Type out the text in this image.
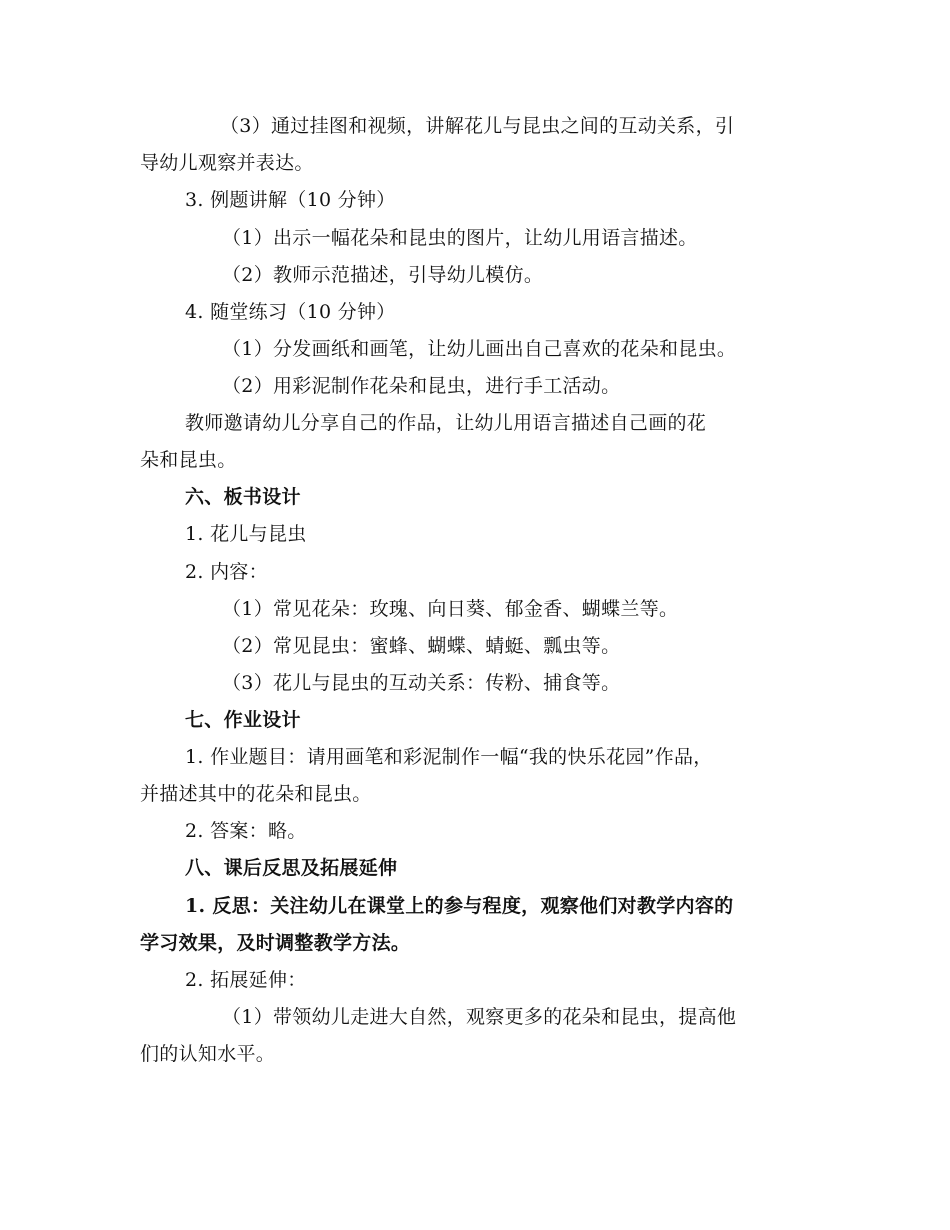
（3）通过挂图和视频，讲解花儿与昆虫之间的互动关系，引
导幼儿观察并表达。
3. 例题讲解（10 分钟）
（1）出示一幅花朵和昆虫的图片，让幼儿用语言描述。
（2）教师示范描述，引导幼儿模仿。
4. 随堂练习（10 分钟）
（1）分发画纸和画笔，让幼儿画出自己喜欢的花朵和昆虫。
（2）用彩泥制作花朵和昆虫，进行手工活动。
教师邀请幼儿分享自己的作品，让幼儿用语言描述自己画的花
朵和昆虫。
六、板书设计
1. 花儿与昆虫
2. 内容：
（1）常见花朵：玫瑰、向日葵、郁金香、蝴蝶兰等。
（2）常见昆虫：蜜蜂、蝴蝶、蜻蜓、瓢虫等。
（3）花儿与昆虫的互动关系：传粉、捕食等。
七、作业设计
1. 作业题目：请用画笔和彩泥制作一幅“我的快乐花园”作品，
并描述其中的花朵和昆虫。
2. 答案：略。
八、课后反思及拓展延伸
1. 反思：关注幼儿在课堂上的参与程度，观察他们对教学内容的
学习效果，及时调整教学方法。
2. 拓展延伸：
（1）带领幼儿走进大自然，观察更多的花朵和昆虫，提高他
们的认知水平。
